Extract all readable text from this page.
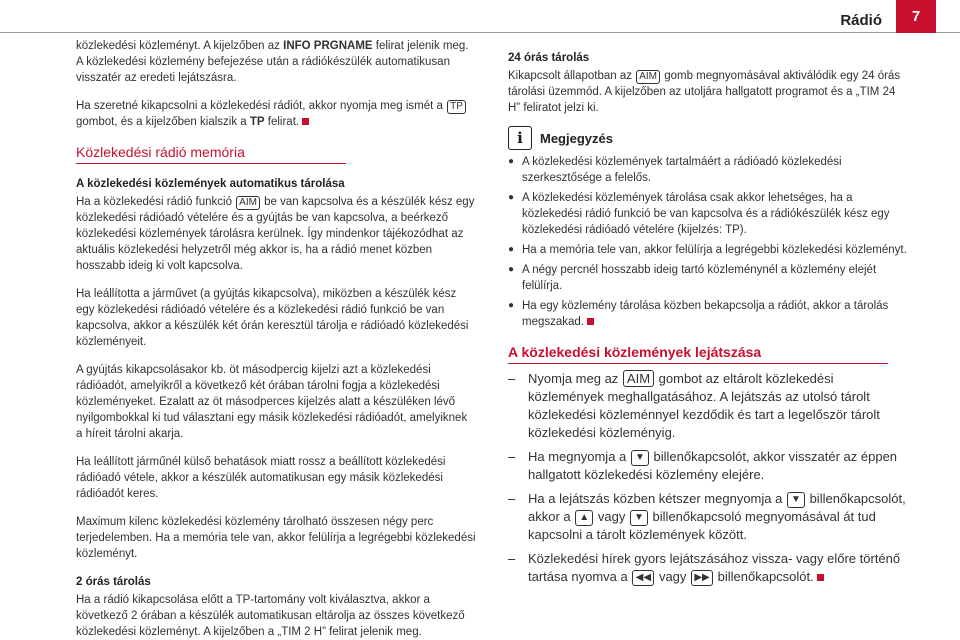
Rádió	7

közlekedési közleményt. A kijelzőben az INFO PRGNAME felirat jelenik meg. A közlekedési közlemény befejezése után a rádiókészülék automatikusan visszatér az eredeti lejátszásra.

Ha szeretné kikapcsolni a közlekedési rádiót, akkor nyomja meg ismét a TP gombot, és a kijelzőben kialszik a TP felirat.

Közlekedési rádió memória
A közlekedési közlemények automatikus tárolása

Ha a közlekedési rádió funkció AIM be van kapcsolva és a készülék kész egy közlekedési rádióadó vételére és a gyújtás be van kapcsolva, a beérkező közlekedési közlemények tárolásra kerülnek. Így mindenkor tájékozódhat az aktuális közlekedési helyzetről még akkor is, ha a rádió menet közben hosszabb ideig ki volt kapcsolva.

Ha leállította a járművet (a gyújtás kikapcsolva), miközben a készülék kész egy közlekedési rádióadó vételére és a közlekedési rádió funkció be van kapcsolva, akkor a készülék két órán keresztül tárolja e rádióadó közlekedési közleményeit.

A gyújtás kikapcsolásakor kb. öt másodpercig kijelzi azt a közlekedési rádióadót, amelyikről a következő két órában tárolni fogja a közlekedési közleményeket. Ezalatt az öt másodperces kijelzés alatt a készüléken lévő nyilgombokkal ki tud választani egy másik közlekedési rádióadót, amelyiknek a híreit tárolni akarja.

Ha leállított járműnél külső behatások miatt rossz a beállított közlekedési rádióadó vétele, akkor a készülék automatikusan egy másik közlekedési rádióadót keres.

Maximum kilenc közlekedési közlemény tárolható összesen négy perc terjedelemben. Ha a memória tele van, akkor felülírja a legrégebbi közlekedési közleményt.

2 órás tárolás

Ha a rádió kikapcsolása előtt a TP-tartomány volt kiválasztva, akkor a következő 2 órában a készülék automatikusan eltárolja az összes következő közlekedési közleményt. A kijelzőben a „TIM 2 H” felirat jelenik meg.

24 órás tárolás

Kikapcsolt állapotban az AIM gomb megnyomásával aktiválódik egy 24 órás tárolási üzemmód. A kijelzőben az utoljára hallgatott programot és a „TIM 24 H” feliratot jelzi ki.

i	Megjegyzés
● A közlekedési közlemények tartalmáért a rádióadó közlekedési szerkesztősége a felelős.
● A közlekedési közlemények tárolása csak akkor lehetséges, ha a közlekedési rádió funkció be van kapcsolva és a rádiókészülék kész egy közlekedési rádióadó vételére (kijelzés: TP).
● Ha a memória tele van, akkor felülírja a legrégebbi közlekedési közleményt.
● A négy percnél hosszabb ideig tartó közleménynél a közlemény elejét felülírja.
● Ha egy közlemény tárolása közben bekapcsolja a rádiót, akkor a tárolás megszakad.
A közlekedési közlemények lejátszása
– Nyomja meg az AIM gombot az eltárolt közlekedési közlemények meghallgatásához. A lejátszás az utolsó tárolt közlekedési közleménnyel kezdődik és tart a legelőször tárolt közlekedési közleményig.
– Ha megnyomja a ▼ billenőkapcsolót, akkor visszatér az éppen hallgatott közlekedési közlemény elejére.
– Ha a lejátszás közben kétszer megnyomja a ▼ billenőkapcsolót, akkor a ▲ vagy ▼ billenőkapcsoló megnyomásával át tud kapcsolni a tárolt közlemények között.
– Közlekedési hírek gyors lejátszásához vissza- vagy előre történő tartása nyomva a ◀◀ vagy ▶▶ billenőkapcsolót.
